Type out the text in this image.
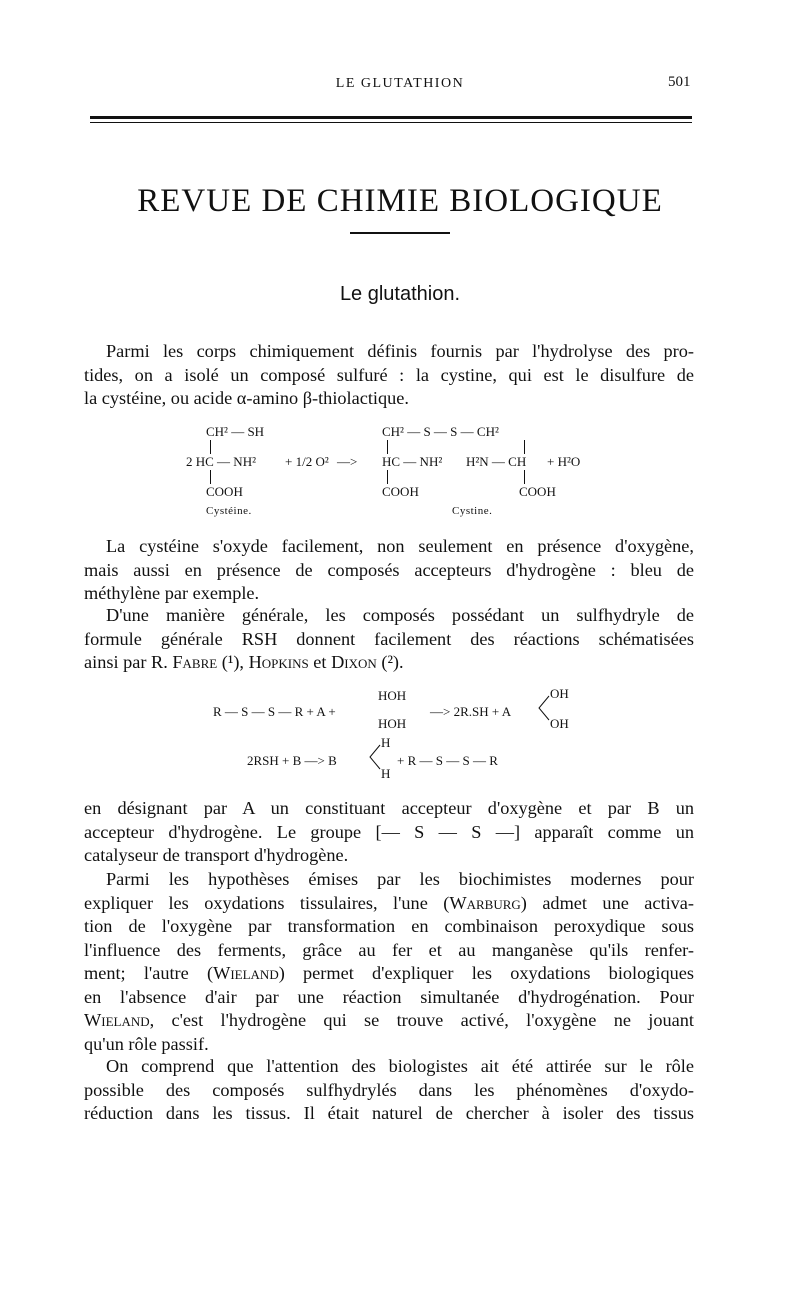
LE GLUTATHION	501
REVUE DE CHIMIE BIOLOGIQUE
Le glutathion.
Parmi les corps chimiquement définis fournis par l'hydrolyse des pro-
tides, on a isolé un composé sulfuré : la cystine, qui est le disulfure de
la cystéine, ou acide α-amino β-thiolactique.
CH² — SH
2 HC — NH² + 1/2 O² —>
COOH
CH² — S — S — CH²
HC — NH² H²N — CH + H²O
COOH	COOH
Cystéine.	Cystine.
La cystéine s'oxyde facilement, non seulement en présence d'oxygène,
mais aussi en présence de composés accepteurs d'hydrogène : bleu de
méthylène par exemple.
D'une manière générale, les composés possédant un sulfhydryle de
formule générale RSH donnent facilement des réactions schématisées
ainsi par R. Fabre (¹), Hopkins et Dixon (²).
R — S — S — R + A +
HOH
HOH
—> 2R.SH + A
OH
OH
2RSH + B —> B
H
H
+ R — S — S — R
en désignant par A un constituant accepteur d'oxygène et par B un
accepteur d'hydrogène. Le groupe [— S — S —] apparaît comme un
catalyseur de transport d'hydrogène.
Parmi les hypothèses émises par les biochimistes modernes pour
expliquer les oxydations tissulaires, l'une (Warburg) admet une activa-
tion de l'oxygène par transformation en combinaison peroxydique sous
l'influence des ferments, grâce au fer et au manganèse qu'ils renfer-
ment; l'autre (Wieland) permet d'expliquer les oxydations biologiques
en l'absence d'air par une réaction simultanée d'hydrogénation. Pour
Wieland, c'est l'hydrogène qui se trouve activé, l'oxygène ne jouant
qu'un rôle passif.
On comprend que l'attention des biologistes ait été attirée sur le rôle
possible des composés sulfhydrylés dans les phénomènes d'oxydo-
réduction dans les tissus. Il était naturel de chercher à isoler des tissus
